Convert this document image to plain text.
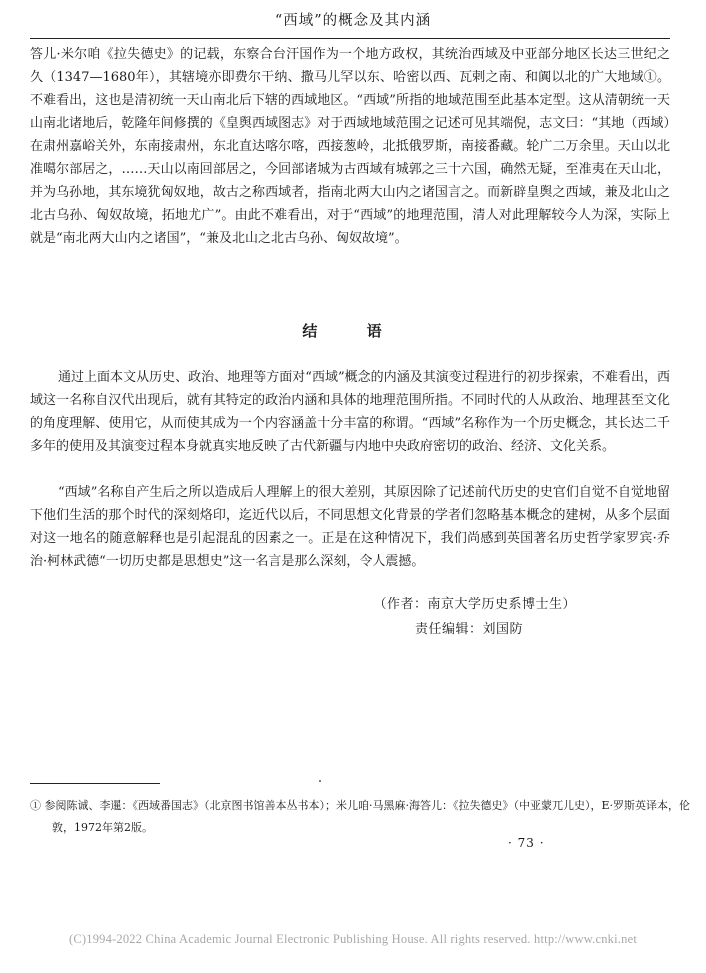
“西域”的概念及其内涵

答儿·米尔咱《拉失德史》的记载，东察合台汗国作为一个地方政权，其统治西域及中亚部分地区长达三世纪之久（1347—1680年），其辖境亦即费尔干纳、撒马儿罕以东、哈密以西、瓦剌之南、和阗以北的广大地域①。不难看出，这也是清初统一天山南北后下辖的西域地区。“西域”所指的地域范围至此基本定型。这从清朝统一天山南北诸地后，乾隆年间修撰的《皇舆西域图志》对于西域地域范围之记述可见其端倪，志文曰：“其地（西域）在肃州嘉峪关外，东南接肃州，东北直达喀尔喀，西接葱岭，北抵俄罗斯，南接番藏。轮广二万余里。天山以北准噶尔部居之，……天山以南回部居之，今回部诸城为古西域有城郭之三十六国，确然无疑，至准夷在天山北，并为乌孙地，其东境犹匈奴地，故古之称西域者，指南北两大山内之诸国言之。而新辟皇舆之西域，兼及北山之北古乌孙、匈奴故境，拓地尤广”。由此不难看出，对于“西域”的地理范围，清人对此理解较今人为深，实际上就是“南北两大山内之诸国”，“兼及北山之北古乌孙、匈奴故境”。

结 语

通过上面本文从历史、政治、地理等方面对“西域”概念的内涵及其演变过程进行的初步探索，不难看出，西域这一名称自汉代出现后，就有其特定的政治内涵和具体的地理范围所指。不同时代的人从政治、地理甚至文化的角度理解、使用它，从而使其成为一个内容涵盖十分丰富的称谓。“西域”名称作为一个历史概念，其长达二千多年的使用及其演变过程本身就真实地反映了古代新疆与内地中央政府密切的政治、经济、文化关系。

“西域”名称自产生后之所以造成后人理解上的很大差别，其原因除了记述前代历史的史官们自觉不自觉地留下他们生活的那个时代的深刻烙印，迄近代以后，不同思想文化背景的学者们忽略基本概念的建树，从多个层面对这一地名的随意解释也是引起混乱的因素之一。正是在这种情况下，我们尚感到英国著名历史哲学家罗宾·乔治·柯林武德“一切历史都是思想史”这一名言是那么深刻，令人震撼。

（作者：南京大学历史系博士生）
责任编辑：刘国防

① 参阅陈诚、李暹：《西域番国志》（北京图书馆善本丛书本）；米儿咱·马黑麻·海答儿：《拉失德史》（中亚蒙兀儿史），E·罗斯英译本，伦敦，1972年第2版。

· 73 ·
(C)1994-2022 China Academic Journal Electronic Publishing House. All rights reserved. http://www.cnki.net
